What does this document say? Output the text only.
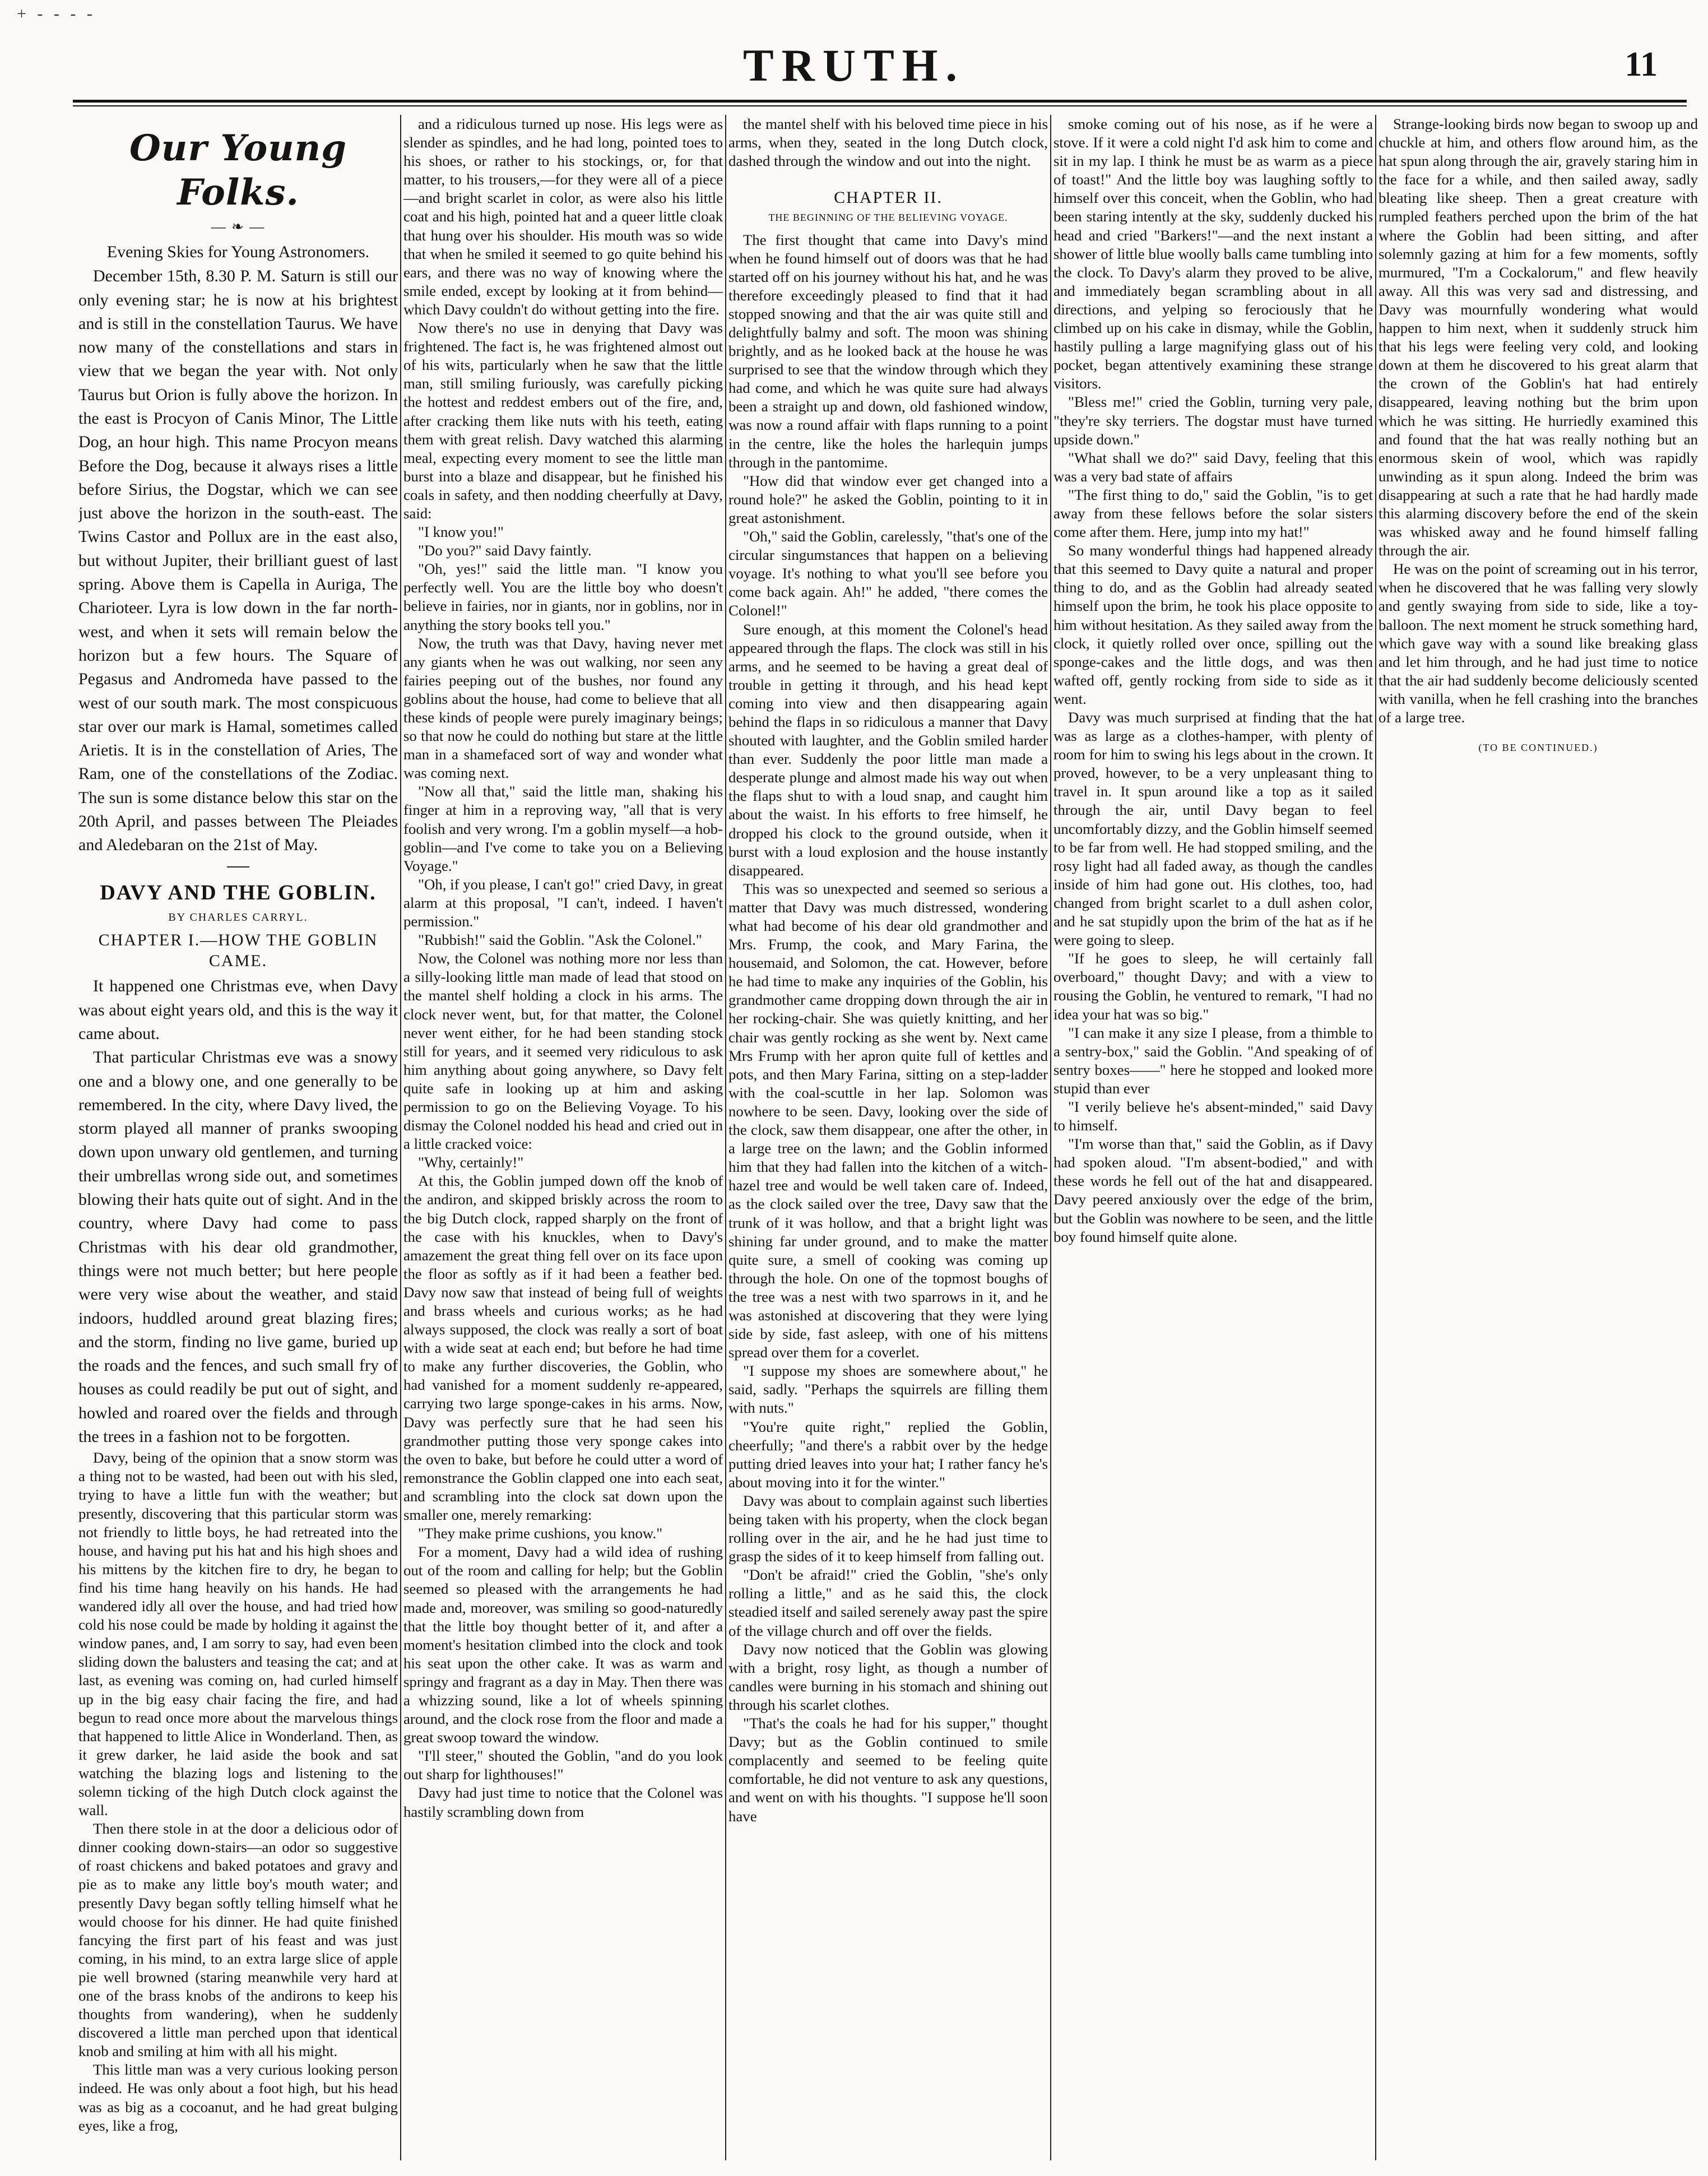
+ - - - -
TRUTH.	11
Our Young Folks.
— ❧ —
Evening Skies for Young Astronomers.

December 15th, 8.30 P. M. Saturn is still our only evening star; he is now at his brightest and is still in the constellation Taurus. We have now many of the constellations and stars in view that we began the year with. Not only Taurus but Orion is fully above the horizon. In the east is Procyon of Canis Minor, The Little Dog, an hour high. This name Procyon means Before the Dog, because it always rises a little before Sirius, the Dogstar, which we can see just above the horizon in the south-east. The Twins Castor and Pollux are in the east also, but without Jupiter, their brilliant guest of last spring. Above them is Capella in Auriga, The Charioteer. Lyra is low down in the far north-west, and when it sets will remain below the horizon but a few hours. The Square of Pegasus and Andromeda have passed to the west of our south mark. The most conspicuous star over our mark is Hamal, sometimes called Arietis. It is in the constellation of Aries, The Ram, one of the constellations of the Zodiac. The sun is some distance below this star on the 20th April, and passes between The Pleiades and Aledebaran on the 21st of May.

DAVY AND THE GOBLIN.
BY CHARLES CARRYL.
CHAPTER I.—HOW THE GOBLIN CAME.

It happened one Christmas eve, when Davy was about eight years old, and this is the way it came about.

That particular Christmas eve was a snowy one and a blowy one, and one generally to be remembered. In the city, where Davy lived, the storm played all manner of pranks swooping down upon unwary old gentlemen, and turning their umbrellas wrong side out, and sometimes blowing their hats quite out of sight. And in the country, where Davy had come to pass Christmas with his dear old grandmother, things were not much better; but here people were very wise about the weather, and staid indoors, huddled around great blazing fires; and the storm, finding no live game, buried up the roads and the fences, and such small fry of houses as could readily be put out of sight, and howled and roared over the fields and through the trees in a fashion not to be forgotten.

Davy, being of the opinion that a snow storm was a thing not to be wasted, had been out with his sled, trying to have a little fun with the weather; but presently, discovering that this particular storm was not friendly to little boys, he had retreated into the house, and having put his hat and his high shoes and his mittens by the kitchen fire to dry, he began to find his time hang heavily on his hands. He had wandered idly all over the house, and had tried how cold his nose could be made by holding it against the window panes, and, I am sorry to say, had even been sliding down the balusters and teasing the cat; and at last, as evening was coming on, had curled himself up in the big easy chair facing the fire, and had begun to read once more about the marvelous things that happened to little Alice in Wonderland. Then, as it grew darker, he laid aside the book and sat watching the blazing logs and listening to the solemn ticking of the high Dutch clock against the wall.

Then there stole in at the door a delicious odor of dinner cooking down-stairs—an odor so suggestive of roast chickens and baked potatoes and gravy and pie as to make any little boy's mouth water; and presently Davy began softly telling himself what he would choose for his dinner. He had quite finished fancying the first part of his feast and was just coming, in his mind, to an extra large slice of apple pie well browned (staring meanwhile very hard at one of the brass knobs of the andirons to keep his thoughts from wandering), when he suddenly discovered a little man perched upon that identical knob and smiling at him with all his might.

This little man was a very curious looking person indeed. He was only about a foot high, but his head was as big as a cocoanut, and he had great bulging eyes, like a frog,

and a ridiculous turned up nose. His legs were as slender as spindles, and he had long, pointed toes to his shoes, or rather to his stockings, or, for that matter, to his trousers,—for they were all of a piece—and bright scarlet in color, as were also his little coat and his high, pointed hat and a queer little cloak that hung over his shoulder. His mouth was so wide that when he smiled it seemed to go quite behind his ears, and there was no way of knowing where the smile ended, except by looking at it from behind—which Davy couldn't do without getting into the fire.

Now there's no use in denying that Davy was frightened. The fact is, he was frightened almost out of his wits, particularly when he saw that the little man, still smiling furiously, was carefully picking the hottest and reddest embers out of the fire, and, after cracking them like nuts with his teeth, eating them with great relish. Davy watched this alarming meal, expecting every moment to see the little man burst into a blaze and disappear, but he finished his coals in safety, and then nodding cheerfully at Davy, said:

"I know you!"

"Do you?" said Davy faintly.

"Oh, yes!" said the little man. "I know you perfectly well. You are the little boy who doesn't believe in fairies, nor in giants, nor in goblins, nor in anything the story books tell you."

Now, the truth was that Davy, having never met any giants when he was out walking, nor seen any fairies peeping out of the bushes, nor found any goblins about the house, had come to believe that all these kinds of people were purely imaginary beings; so that now he could do nothing but stare at the little man in a shamefaced sort of way and wonder what was coming next.

"Now all that," said the little man, shaking his finger at him in a reproving way, "all that is very foolish and very wrong. I'm a goblin myself—a hob-goblin—and I've come to take you on a Believing Voyage."

"Oh, if you please, I can't go!" cried Davy, in great alarm at this proposal, "I can't, indeed. I haven't permission."

"Rubbish!" said the Goblin. "Ask the Colonel."

Now, the Colonel was nothing more nor less than a silly-looking little man made of lead that stood on the mantel shelf holding a clock in his arms. The clock never went, but, for that matter, the Colonel never went either, for he had been standing stock still for years, and it seemed very ridiculous to ask him anything about going anywhere, so Davy felt quite safe in looking up at him and asking permission to go on the Believing Voyage. To his dismay the Colonel nodded his head and cried out in a little cracked voice:

"Why, certainly!"

At this, the Goblin jumped down off the knob of the andiron, and skipped briskly across the room to the big Dutch clock, rapped sharply on the front of the case with his knuckles, when to Davy's amazement the great thing fell over on its face upon the floor as softly as if it had been a feather bed. Davy now saw that instead of being full of weights and brass wheels and curious works; as he had always supposed, the clock was really a sort of boat with a wide seat at each end; but before he had time to make any further discoveries, the Goblin, who had vanished for a moment suddenly re-appeared, carrying two large sponge-cakes in his arms. Now, Davy was perfectly sure that he had seen his grandmother putting those very sponge cakes into the oven to bake, but before he could utter a word of remonstrance the Goblin clapped one into each seat, and scrambling into the clock sat down upon the smaller one, merely remarking:

"They make prime cushions, you know."

For a moment, Davy had a wild idea of rushing out of the room and calling for help; but the Goblin seemed so pleased with the arrangements he had made and, moreover, was smiling so good-naturedly that the little boy thought better of it, and after a moment's hesitation climbed into the clock and took his seat upon the other cake. It was as warm and springy and fragrant as a day in May. Then there was a whizzing sound, like a lot of wheels spinning around, and the clock rose from the floor and made a great swoop toward the window.

"I'll steer," shouted the Goblin, "and do you look out sharp for lighthouses!"

Davy had just time to notice that the Colonel was hastily scrambling down from

the mantel shelf with his beloved time piece in his arms, when they, seated in the long Dutch clock, dashed through the window and out into the night.

CHAPTER II.
THE BEGINNING OF THE BELIEVING VOYAGE.

The first thought that came into Davy's mind when he found himself out of doors was that he had started off on his journey without his hat, and he was therefore exceedingly pleased to find that it had stopped snowing and that the air was quite still and delightfully balmy and soft. The moon was shining brightly, and as he looked back at the house he was surprised to see that the window through which they had come, and which he was quite sure had always been a straight up and down, old fashioned window, was now a round affair with flaps running to a point in the centre, like the holes the harlequin jumps through in the pantomime.

"How did that window ever get changed into a round hole?" he asked the Goblin, pointing to it in great astonishment.

"Oh," said the Goblin, carelessly, "that's one of the circular singumstances that happen on a believing voyage. It's nothing to what you'll see before you come back again. Ah!" he added, "there comes the Colonel!"

Sure enough, at this moment the Colonel's head appeared through the flaps. The clock was still in his arms, and he seemed to be having a great deal of trouble in getting it through, and his head kept coming into view and then disappearing again behind the flaps in so ridiculous a manner that Davy shouted with laughter, and the Goblin smiled harder than ever. Suddenly the poor little man made a desperate plunge and almost made his way out when the flaps shut to with a loud snap, and caught him about the waist. In his efforts to free himself, he dropped his clock to the ground outside, when it burst with a loud explosion and the house instantly disappeared.

This was so unexpected and seemed so serious a matter that Davy was much distressed, wondering what had become of his dear old grandmother and Mrs. Frump, the cook, and Mary Farina, the housemaid, and Solomon, the cat. However, before he had time to make any inquiries of the Goblin, his grandmother came dropping down through the air in her rocking-chair. She was quietly knitting, and her chair was gently rocking as she went by. Next came Mrs Frump with her apron quite full of kettles and pots, and then Mary Farina, sitting on a step-ladder with the coal-scuttle in her lap. Solomon was nowhere to be seen. Davy, looking over the side of the clock, saw them disappear, one after the other, in a large tree on the lawn; and the Goblin informed him that they had fallen into the kitchen of a witch-hazel tree and would be well taken care of. Indeed, as the clock sailed over the tree, Davy saw that the trunk of it was hollow, and that a bright light was shining far under ground, and to make the matter quite sure, a smell of cooking was coming up through the hole. On one of the topmost boughs of the tree was a nest with two sparrows in it, and he was astonished at discovering that they were lying side by side, fast asleep, with one of his mittens spread over them for a coverlet.

"I suppose my shoes are somewhere about," he said, sadly. "Perhaps the squirrels are filling them with nuts."

"You're quite right," replied the Goblin, cheerfully; "and there's a rabbit over by the hedge putting dried leaves into your hat; I rather fancy he's about moving into it for the winter."

Davy was about to complain against such liberties being taken with his property, when the clock began rolling over in the air, and he he had just time to grasp the sides of it to keep himself from falling out.

"Don't be afraid!" cried the Goblin, "she's only rolling a little," and as he said this, the clock steadied itself and sailed serenely away past the spire of the village church and off over the fields.

Davy now noticed that the Goblin was glowing with a bright, rosy light, as though a number of candles were burning in his stomach and shining out through his scarlet clothes.

"That's the coals he had for his supper," thought Davy; but as the Goblin continued to smile complacently and seemed to be feeling quite comfortable, he did not venture to ask any questions, and went on with his thoughts. "I suppose he'll soon have

smoke coming out of his nose, as if he were a stove. If it were a cold night I'd ask him to come and sit in my lap. I think he must be as warm as a piece of toast!" And the little boy was laughing softly to himself over this conceit, when the Goblin, who had been staring intently at the sky, suddenly ducked his head and cried "Barkers!"—and the next instant a shower of little blue woolly balls came tumbling into the clock. To Davy's alarm they proved to be alive, and immediately began scrambling about in all directions, and yelping so ferociously that he climbed up on his cake in dismay, while the Goblin, hastily pulling a large magnifying glass out of his pocket, began attentively examining these strange visitors.

"Bless me!" cried the Goblin, turning very pale, "they're sky terriers. The dogstar must have turned upside down."

"What shall we do?" said Davy, feeling that this was a very bad state of affairs

"The first thing to do," said the Goblin, "is to get away from these fellows before the solar sisters come after them. Here, jump into my hat!"

So many wonderful things had happened already that this seemed to Davy quite a natural and proper thing to do, and as the Goblin had already seated himself upon the brim, he took his place opposite to him without hesitation. As they sailed away from the clock, it quietly rolled over once, spilling out the sponge-cakes and the little dogs, and was then wafted off, gently rocking from side to side as it went.

Davy was much surprised at finding that the hat was as large as a clothes-hamper, with plenty of room for him to swing his legs about in the crown. It proved, however, to be a very unpleasant thing to travel in. It spun around like a top as it sailed through the air, until Davy began to feel uncomfortably dizzy, and the Goblin himself seemed to be far from well. He had stopped smiling, and the rosy light had all faded away, as though the candles inside of him had gone out. His clothes, too, had changed from bright scarlet to a dull ashen color, and he sat stupidly upon the brim of the hat as if he were going to sleep.

"If he goes to sleep, he will certainly fall overboard," thought Davy; and with a view to rousing the Goblin, he ventured to remark, "I had no idea your hat was so big."

"I can make it any size I please, from a thimble to a sentry-box," said the Goblin. "And speaking of of sentry boxes——" here he stopped and looked more stupid than ever

"I verily believe he's absent-minded," said Davy to himself.

"I'm worse than that," said the Goblin, as if Davy had spoken aloud. "I'm absent-bodied," and with these words he fell out of the hat and disappeared. Davy peered anxiously over the edge of the brim, but the Goblin was nowhere to be seen, and the little boy found himself quite alone.

Strange-looking birds now began to swoop up and chuckle at him, and others flow around him, as the hat spun along through the air, gravely staring him in the face for a while, and then sailed away, sadly bleating like sheep. Then a great creature with rumpled feathers perched upon the brim of the hat where the Goblin had been sitting, and after solemnly gazing at him for a few moments, softly murmured, "I'm a Cockalorum," and flew heavily away. All this was very sad and distressing, and Davy was mournfully wondering what would happen to him next, when it suddenly struck him that his legs were feeling very cold, and looking down at them he discovered to his great alarm that the crown of the Goblin's hat had entirely disappeared, leaving nothing but the brim upon which he was sitting. He hurriedly examined this and found that the hat was really nothing but an enormous skein of wool, which was rapidly unwinding as it spun along. Indeed the brim was disappearing at such a rate that he had hardly made this alarming discovery before the end of the skein was whisked away and he found himself falling through the air.

He was on the point of screaming out in his terror, when he discovered that he was falling very slowly and gently swaying from side to side, like a toy-balloon. The next moment he struck something hard, which gave way with a sound like breaking glass and let him through, and he had just time to notice that the air had suddenly become deliciously scented with vanilla, when he fell crashing into the branches of a large tree.

(TO BE CONTINUED.)
